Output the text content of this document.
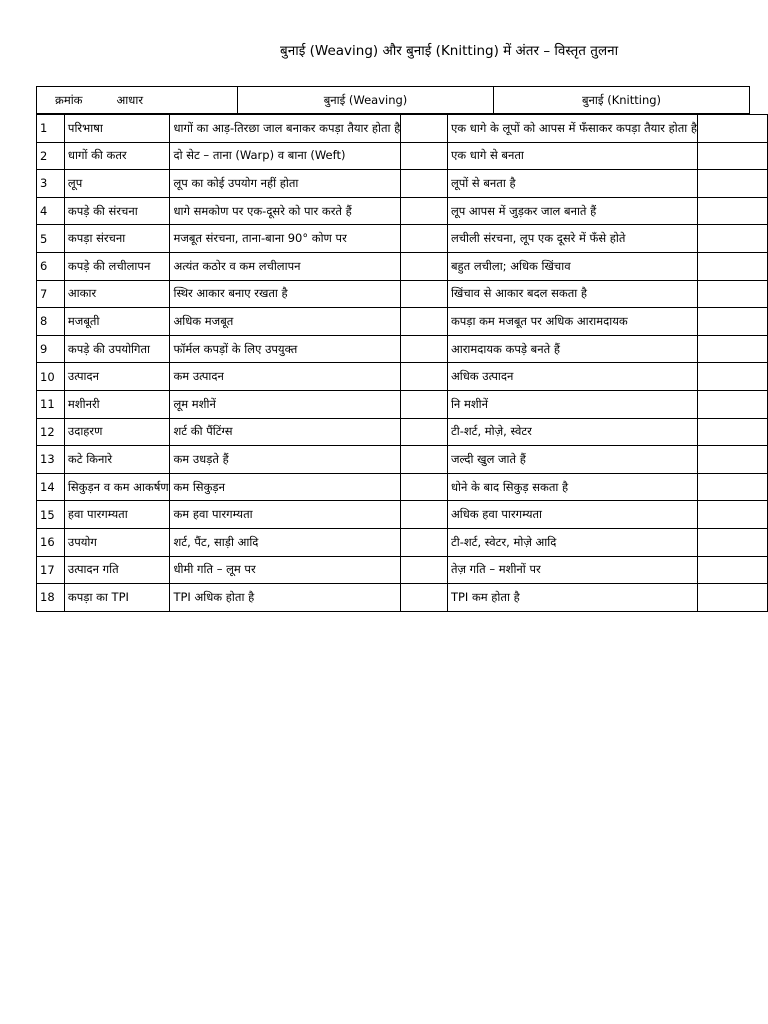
बुनाई (Weaving) और बुनाई (Knitting) में अंतर – विस्तृत तुलना
क्रमांक	आधार	बुनाई (Weaving)	बुनाई (Knitting)
1	परिभाषा	धागों का आड़-तिरछा जाल बनाकर कपड़ा तैयार होता है		एक धागे के लूपों को आपस में फँसाकर कपड़ा तैयार होता है	
2	धागों की कतर	दो सेट – ताना (Warp) व बाना (Weft)		एक धागे से बनता	
3	लूप	लूप का कोई उपयोग नहीं होता		लूपों से बनता है	
4	कपड़े की संरचना	धागे समकोण पर एक-दूसरे को पार करते हैं		लूप आपस में जुड़कर जाल बनाते हैं	
5	कपड़ा संरचना	मजबूत संरचना, ताना-बाना 90° कोण पर		लचीली संरचना, लूप एक दूसरे में फँसे होते	
6	कपड़े की लचीलापन	अत्यंत कठोर व कम लचीलापन		बहुत लचीला; अधिक खिंचाव	
7	आकार	स्थिर आकार बनाए रखता है		खिंचाव से आकार बदल सकता है	
8	मजबूती	अधिक मजबूत		कपड़ा कम मजबूत पर अधिक आरामदायक	
9	कपड़े की उपयोगिता	फॉर्मल कपड़ों के लिए उपयुक्त		आरामदायक कपड़े बनते हैं	
10	उत्पादन	कम उत्पादन		अधिक उत्पादन	
11	मशीनरी	लूम मशीनें		नि मशीनें	
12	उदाहरण	शर्ट की पैंटिंग्स		टी-शर्ट, मोज़े, स्वेटर	
13	कटे किनारे	कम उधड़ते हैं		जल्दी खुल जाते हैं	
14	सिकुड़न व कम आकर्षण	कम सिकुड़न		धोने के बाद सिकुड़ सकता है	
15	हवा पारगम्यता	कम हवा पारगम्यता		अधिक हवा पारगम्यता	
16	उपयोग	शर्ट, पैंट, साड़ी आदि		टी-शर्ट, स्वेटर, मोज़े आदि	
17	उत्पादन गति	धीमी गति – लूम पर		तेज़ गति – मशीनों पर	
18	कपड़ा का TPI	TPI अधिक होता है		TPI कम होता है	
